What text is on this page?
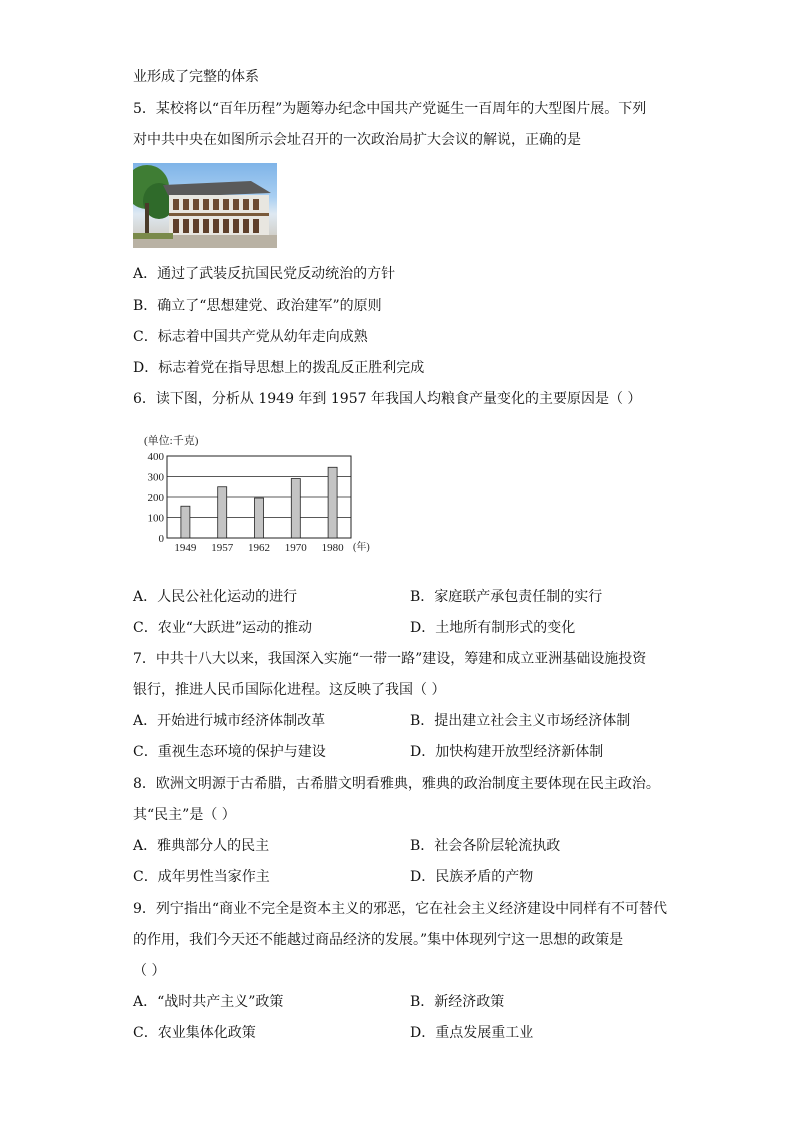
业形成了完整的体系
5．某校将以“百年历程”为题筹办纪念中国共产党诞生一百周年的大型图片展。下列
对中共中央在如图所示会址召开的一次政治局扩大会议的解说，正确的是
A．通过了武装反抗国民党反动统治的方针
B．确立了“思想建党、政治建军”的原则
C．标志着中国共产党从幼年走向成熟
D．标志着党在指导思想上的拨乱反正胜利完成
6．读下图，分析从 1949 年到 1957 年我国人均粮食产量变化的主要原因是（ ）
(单位:千克)
0
100
200
300
400
1949 1957 1962 1970 1980 (年)
A．人民公社化运动的进行	B．家庭联产承包责任制的实行
C．农业“大跃进”运动的推动	D．土地所有制形式的变化
7．中共十八大以来，我国深入实施“一带一路”建设，筹建和成立亚洲基础设施投资
银行，推进人民币国际化进程。这反映了我国（ ）
A．开始进行城市经济体制改革	B．提出建立社会主义市场经济体制
C．重视生态环境的保护与建设	D．加快构建开放型经济新体制
8．欧洲文明源于古希腊，古希腊文明看雅典，雅典的政治制度主要体现在民主政治。
其“民主”是（ ）
A．雅典部分人的民主	B．社会各阶层轮流执政
C．成年男性当家作主	D．民族矛盾的产物
9．列宁指出“商业不完全是资本主义的邪恶，它在社会主义经济建设中同样有不可替代
的作用，我们今天还不能越过商品经济的发展。”集中体现列宁这一思想的政策是
（ ）
A．“战时共产主义”政策	B．新经济政策
C．农业集体化政策	D．重点发展重工业
